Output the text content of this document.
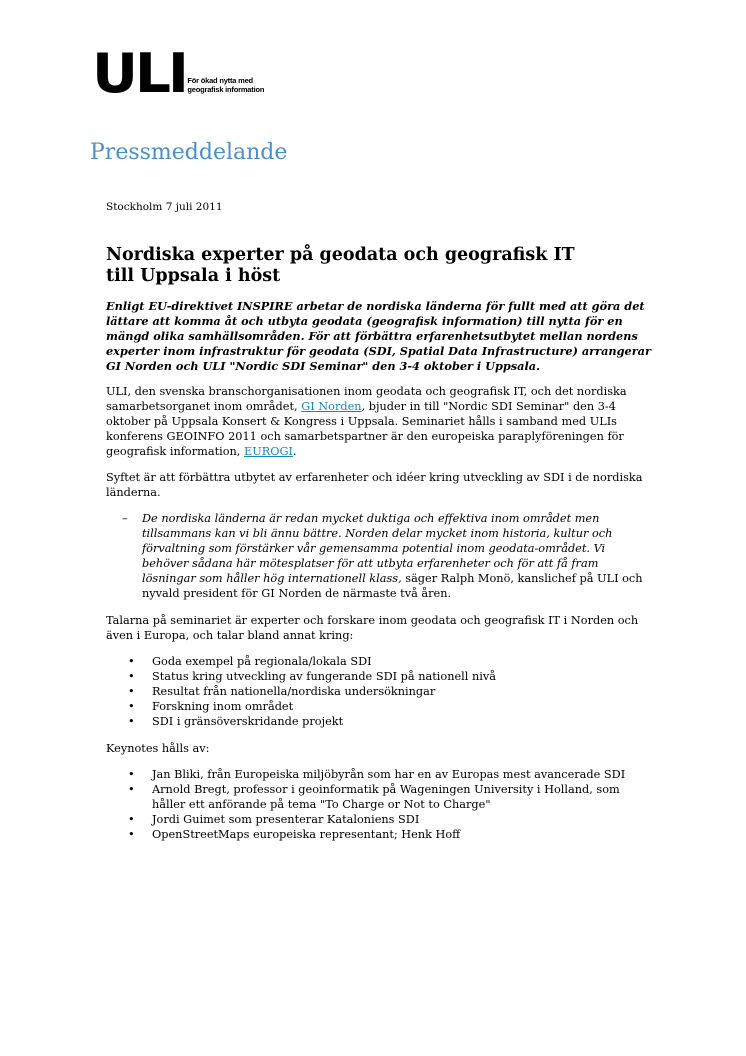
ULI För ökad nytta med
geografisk information
Pressmeddelande

Stockholm 7 juli 2011

Nordiska experter på geodata och geografisk IT
till Uppsala i höst

Enligt EU-direktivet INSPIRE arbetar de nordiska länderna för fullt med att göra det lättare att komma åt och utbyta geodata (geografisk information) till nytta för en mängd olika samhällsområden. För att förbättra erfarenhetsutbytet mellan nordens experter inom infrastruktur för geodata (SDI, Spatial Data Infrastructure) arrangerar GI Norden och ULI "Nordic SDI Seminar" den 3-4 oktober i Uppsala.

ULI, den svenska branschorganisationen inom geodata och geografisk IT, och det nordiska samarbetsorganet inom området, GI Norden, bjuder in till "Nordic SDI Seminar" den 3-4 oktober på Uppsala Konsert & Kongress i Uppsala. Seminariet hålls i samband med ULIs konferens GEOINFO 2011 och samarbetspartner är den europeiska paraplyföreningen för geografisk information, EUROGI.

Syftet är att förbättra utbytet av erfarenheter och idéer kring utveckling av SDI i de nordiska länderna.

– De nordiska länderna är redan mycket duktiga och effektiva inom området men tillsammans kan vi bli ännu bättre. Norden delar mycket inom historia, kultur och förvaltning som förstärker vår gemensamma potential inom geodata-området. Vi behöver sådana här mötesplatser för att utbyta erfarenheter och för att få fram lösningar som håller hög internationell klass, säger Ralph Monö, kanslichef på ULI och nyvald president för GI Norden de närmaste två åren.

Talarna på seminariet är experter och forskare inom geodata och geografisk IT i Norden och även i Europa, och talar bland annat kring:

• Goda exempel på regionala/lokala SDI
• Status kring utveckling av fungerande SDI på nationell nivå
• Resultat från nationella/nordiska undersökningar
• Forskning inom området
• SDI i gränsöverskridande projekt

Keynotes hålls av:

• Jan Bliki, från Europeiska miljöbyrån som har en av Europas mest avancerade SDI
• Arnold Bregt, professor i geoinformatik på Wageningen University i Holland, som håller ett anförande på tema "To Charge or Not to Charge"
• Jordi Guimet som presenterar Kataloniens SDI
• OpenStreetMaps europeiska representant; Henk Hoff
